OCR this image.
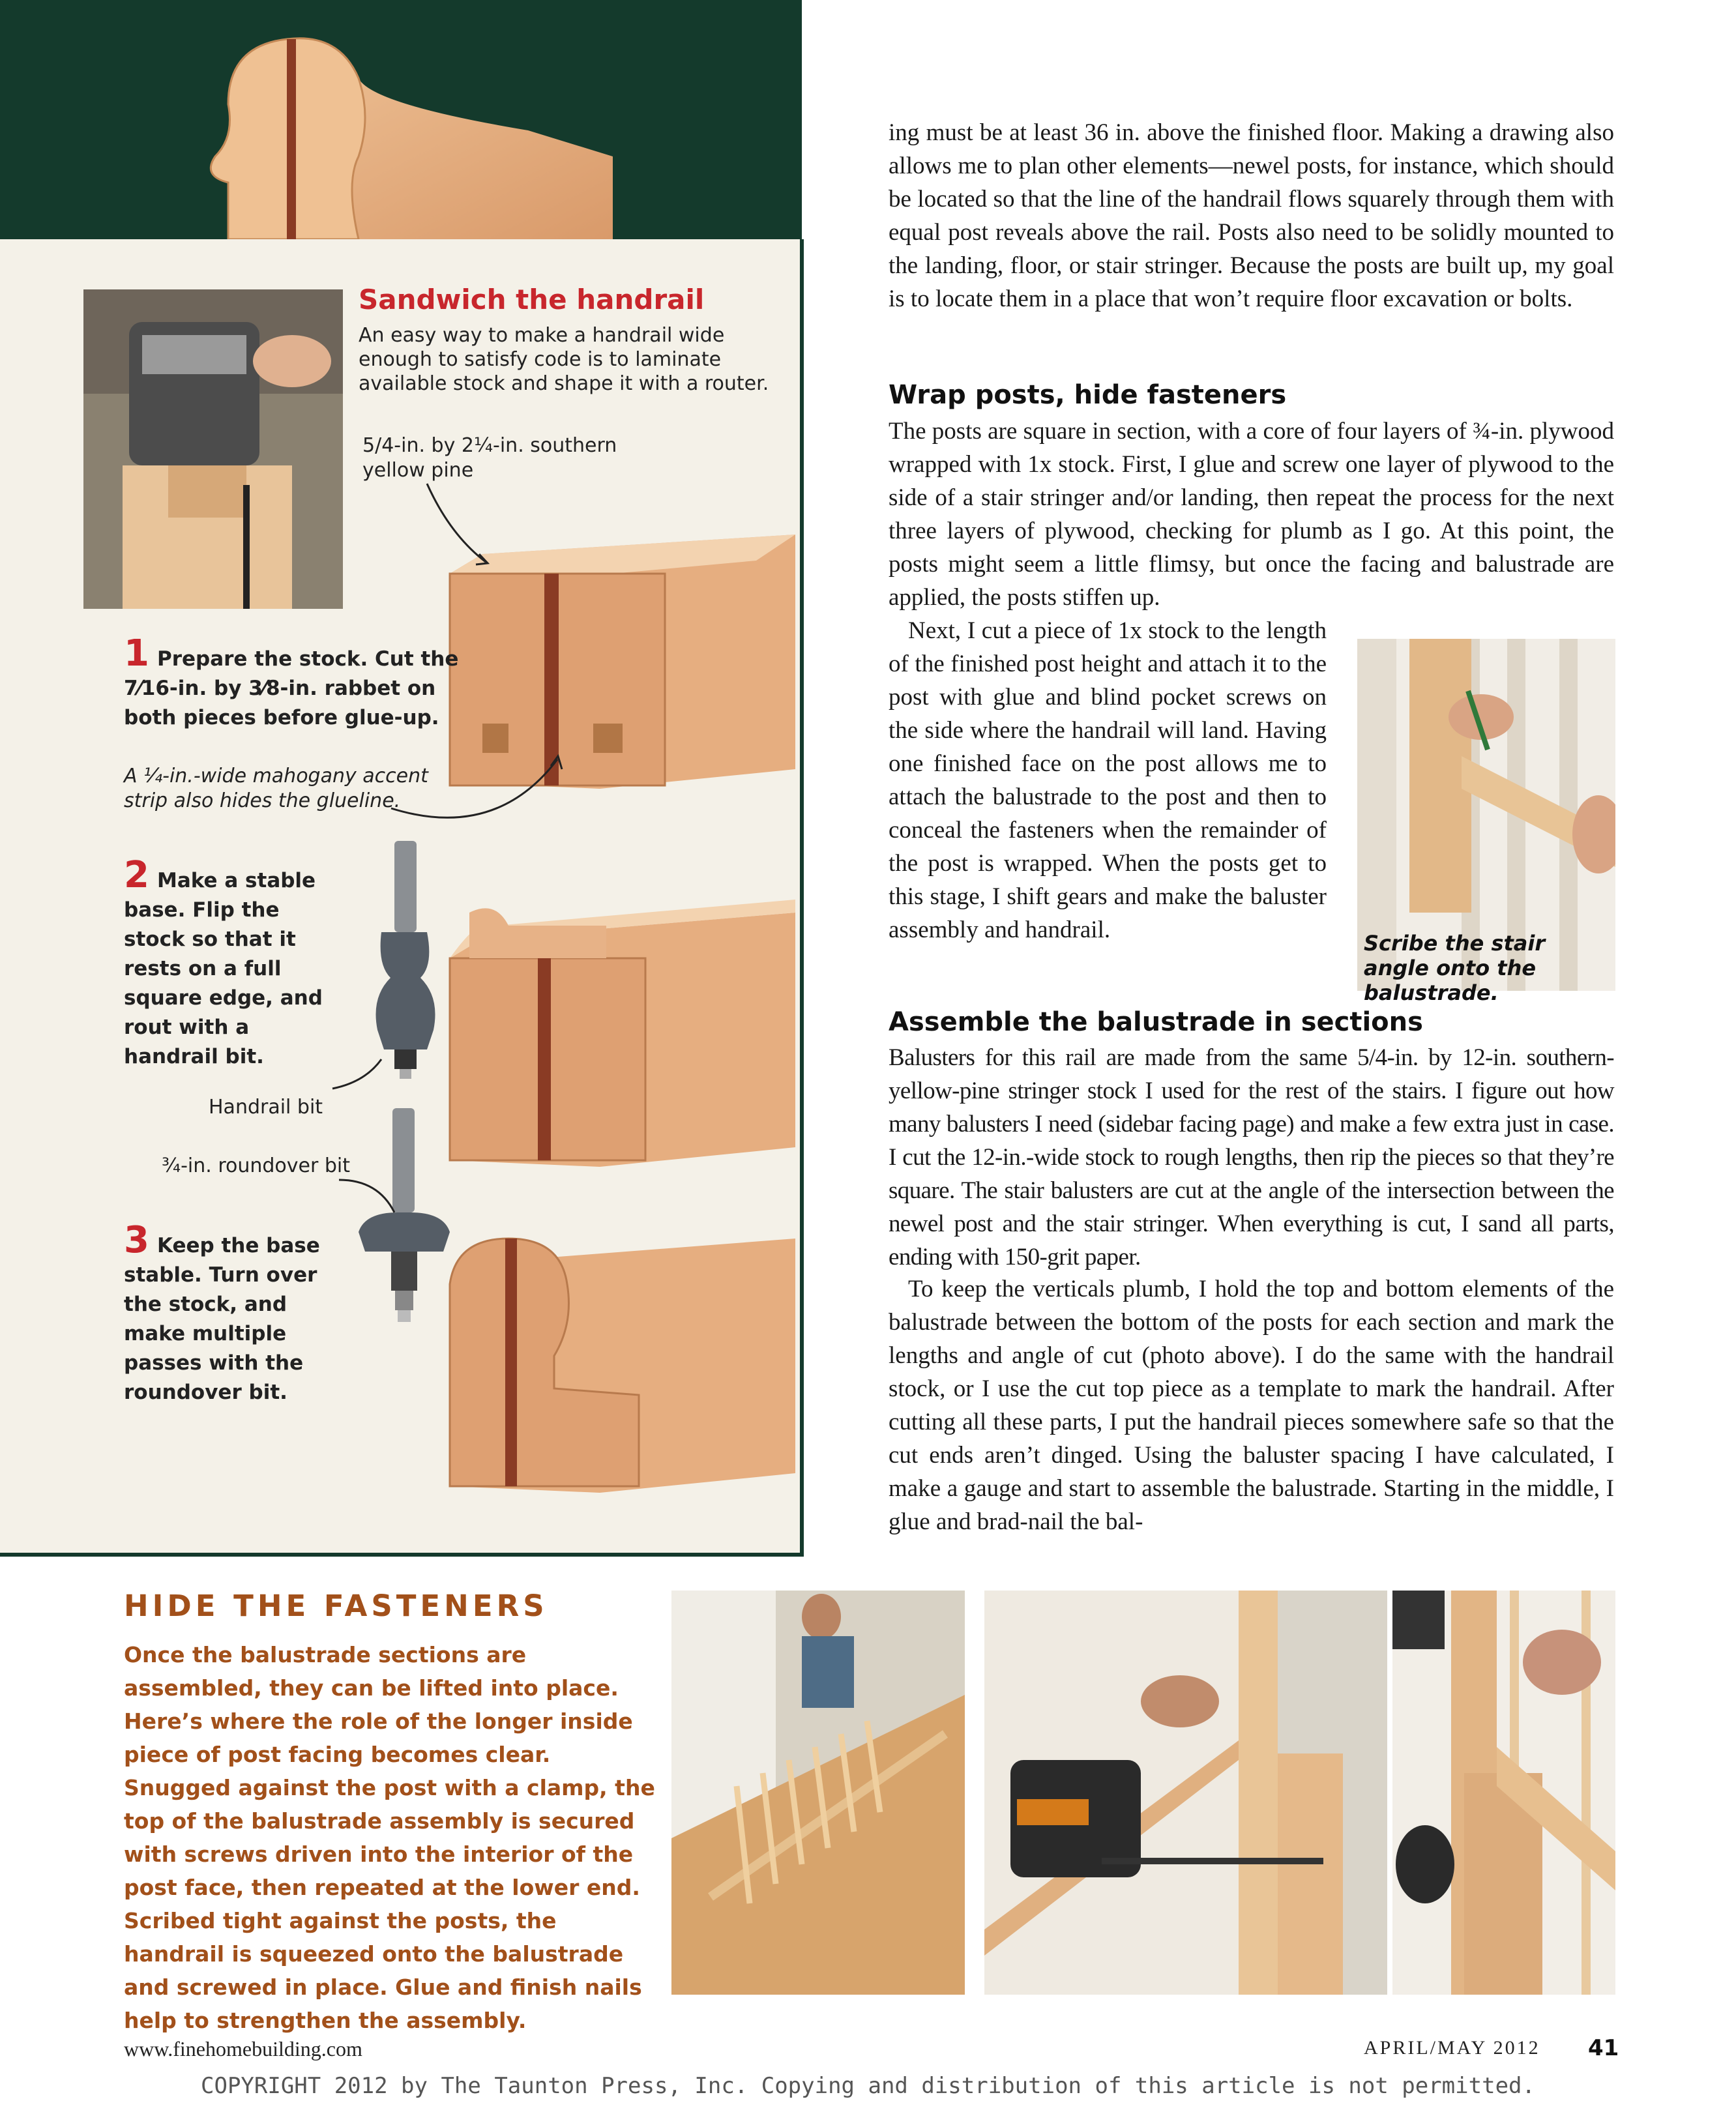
Sandwich the handrail
An easy way to make a handrail wide enough to satisfy code is to laminate available stock and shape it with a router.
5/4-in. by 2¼-in. southern yellow pine
1 Prepare the stock. Cut the 7⁄16-in. by 3⁄8-in. rabbet on both pieces before glue-up.
A ¼-in.-wide mahogany accent strip also hides the glueline.
2 Make a stable base. Flip the stock so that it rests on a full square edge, and rout with a handrail bit.
Handrail bit
¾-in. roundover bit
3 Keep the base stable. Turn over the stock, and make multiple passes with the roundover bit.
ing must be at least 36 in. above the finished floor. Making a drawing also allows me to plan other elements—newel posts, for instance, which should be located so that the line of the handrail flows squarely through them with equal post reveals above the rail. Posts also need to be solidly mounted to the landing, floor, or stair stringer. Because the posts are built up, my goal is to locate them in a place that won’t require floor excavation or bolts.
Wrap posts, hide fasteners
The posts are square in section, with a core of four layers of ¾-in. plywood wrapped with 1x stock. First, I glue and screw one layer of plywood to the side of a stair stringer and/or landing, then repeat the process for the next three layers of plywood, checking for plumb as I go. At this point, the posts might seem a little flimsy, but once the facing and balustrade are applied, the posts stiffen up.
Next, I cut a piece of 1x stock to the length of the finished post height and attach it to the post with glue and blind pocket screws on the side where the handrail will land. Having one finished face on the post allows me to attach the balustrade to the post and then to conceal the fasteners when the remainder of the post is wrapped. When the posts get to this stage, I shift gears and make the baluster assembly and handrail.	Scribe the stair angle onto the balustrade.
Assemble the balustrade in sections
Balusters for this rail are made from the same 5/4-in. by 12-in. southern-yellow-pine stringer stock I used for the rest of the stairs. I figure out how many balusters I need (sidebar facing page) and make a few extra just in case. I cut the 12-in.-wide stock to rough lengths, then rip the pieces so that they’re square. The stair balusters are cut at the angle of the intersection between the newel post and the stair stringer. When everything is cut, I sand all parts, ending with 150-grit paper.
To keep the verticals plumb, I hold the top and bottom elements of the balustrade between the bottom of the posts for each section and mark the lengths and angle of cut (photo above). I do the same with the handrail stock, or I use the cut top piece as a template to mark the handrail. After cutting all these parts, I put the handrail pieces somewhere safe so that the cut ends aren’t dinged. Using the baluster spacing I have calculated, I make a gauge and start to assemble the balustrade. Starting in the middle, I glue and brad-nail the bal-
HIDE THE FASTENERS
Once the balustrade sections are assembled, they can be lifted into place. Here’s where the role of the longer inside piece of post facing becomes clear. Snugged against the post with a clamp, the top of the balustrade assembly is secured with screws driven into the interior of the post face, then repeated at the lower end. Scribed tight against the posts, the handrail is squeezed onto the balustrade and screwed in place. Glue and finish nails help to strengthen the assembly.
www.finehomebuilding.com	APRIL/MAY 2012 41
COPYRIGHT 2012 by The Taunton Press, Inc. Copying and distribution of this article is not permitted.
